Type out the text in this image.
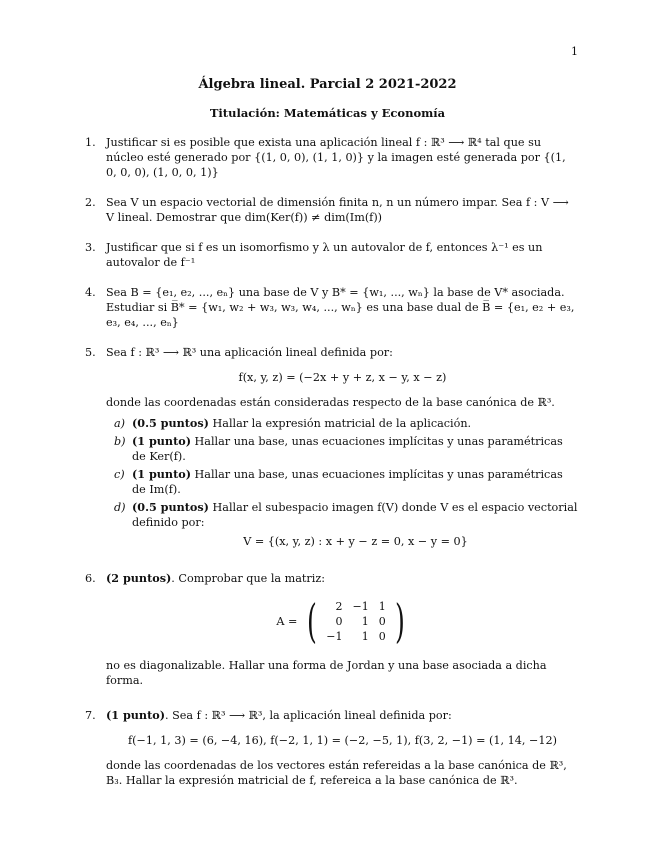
1
Álgebra lineal. Parcial 2 2021-2022
Titulación: Matemáticas y Economía
1. Justificar si es posible que exista una aplicación lineal f : ℝ³ ⟶ ℝ⁴ tal que su núcleo esté generado por {(1, 0, 0), (1, 1, 0)} y la imagen esté generada por {(1, 0, 0, 0), (1, 0, 0, 1)}
2. Sea V un espacio vectorial de dimensión finita n, n un número impar. Sea f : V ⟶ V lineal. Demostrar que dim(Ker(f)) ≠ dim(Im(f))
3. Justificar que si f es un isomorfismo y λ un autovalor de f, entonces λ⁻¹ es un autovalor de f⁻¹
4. Sea B = {e₁, e₂, ..., eₙ} una base de V y B* = {w₁, ..., wₙ} la base de V* asociada. Estudiar si B̅* = {w₁, w₂ + w₃, w₃, w₄, ..., wₙ} es una base dual de B̅ = {e₁, e₂ + e₃, e₃, e₄, ..., eₙ}
5. Sea f : ℝ³ ⟶ ℝ³ una aplicación lineal definida por:
f(x, y, z) = (−2x + y + z, x − y, x − z)
donde las coordenadas están consideradas respecto de la base canónica de ℝ³.
a) (0.5 puntos) Hallar la expresión matricial de la aplicación.
b) (1 punto) Hallar una base, unas ecuaciones implícitas y unas paramétricas de Ker(f).
c) (1 punto) Hallar una base, unas ecuaciones implícitas y unas paramétricas de Im(f).
d) (0.5 puntos) Hallar el subespacio imagen f(V) donde V es el espacio vectorial definido por:
V = {(x, y, z) : x + y − z = 0, x − y = 0}
6. (2 puntos). Comprobar que la matriz:
A = ( 2	−1	1
0	1	0
−1	1	0 )
no es diagonalizable. Hallar una forma de Jordan y una base asociada a dicha forma.
7. (1 punto). Sea f : ℝ³ ⟶ ℝ³, la aplicación lineal definida por:
f(−1, 1, 3) = (6, −4, 16), f(−2, 1, 1) = (−2, −5, 1), f(3, 2, −1) = (1, 14, −12)
donde las coordenadas de los vectores están refereidas a la base canónica de ℝ³, B₃. Hallar la expresión matricial de f, refereica a la base canónica de ℝ³.
